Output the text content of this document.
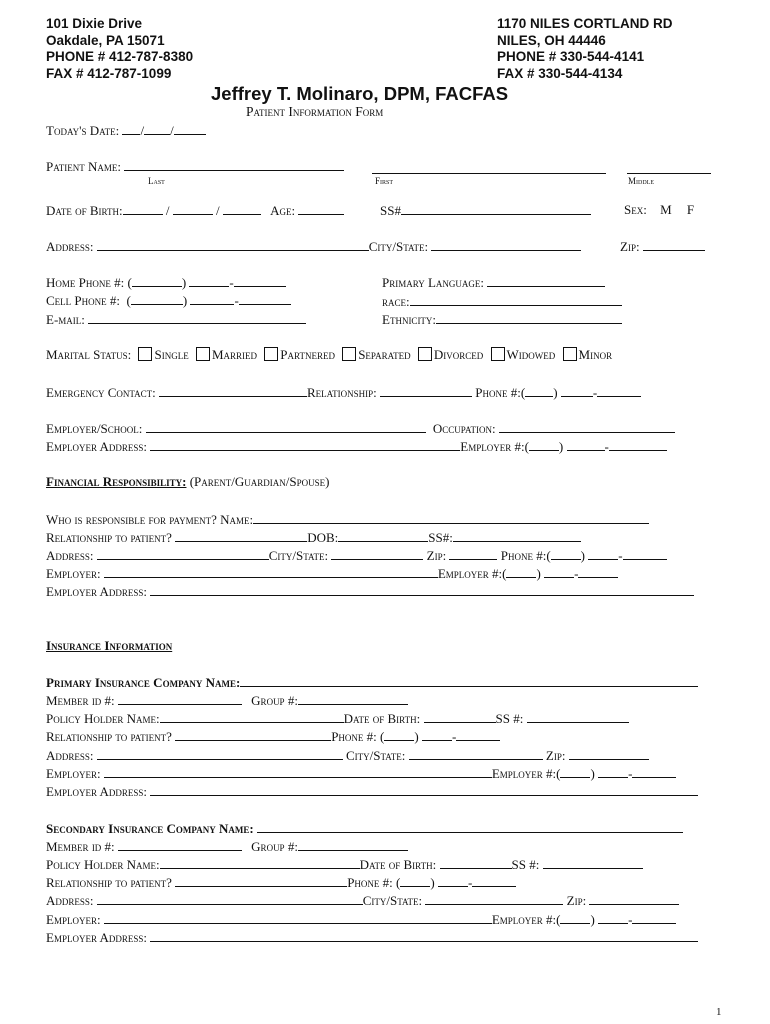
101 Dixie Drive
Oakdale, PA 15071
PHONE # 412-787-8380
FAX # 412-787-1099
1170 NILES CORTLAND RD
NILES, OH 44446
PHONE # 330-544-4141
FAX # 330-544-4134
Jeffrey T. Molinaro, DPM, FACFAS
Patient Information Form
Today's Date: / /
Patient Name:
Last	First	Middle
Date of Birth:	/	/	Age:	SS#	Sex: M F
Address:	City/State:	Zip:
Home Phone #: (	)	-
Cell Phone #:  (	)	-
E-mail:
Primary Language:
race:
Ethnicity:
Marital Status: Single Married Partnered Separated Divorced Widowed Minor
Emergency Contact:	Relationship:	Phone #:( ) -
Employer/School:	Occupation:
Employer Address:	Employer #:( )	-
Financial Responsibility: (Parent/Guardian/Spouse)
Who is responsible for payment? Name:
Relationship to patient?	DOB:	SS#:
Address:	City/State:	Zip:	Phone #:( ) -
Employer:	Employer #:( ) -
Employer Address:
Insurance Information
Primary Insurance Company Name:
Member id #:	Group #:
Policy Holder Name:	Date of Birth:	SS #:
Relationship to patient?	Phone #: ( ) -
Address:	City/State:	Zip:
Employer:	Employer #:( ) -
Employer Address:
Secondary Insurance Company Name:
Member id #:	Group #:
Policy Holder Name:	Date of Birth:	SS #:
Relationship to patient?	Phone #: ( ) -
Address:	City/State:	Zip:
Employer:	Employer #:( ) -
Employer Address:
1
